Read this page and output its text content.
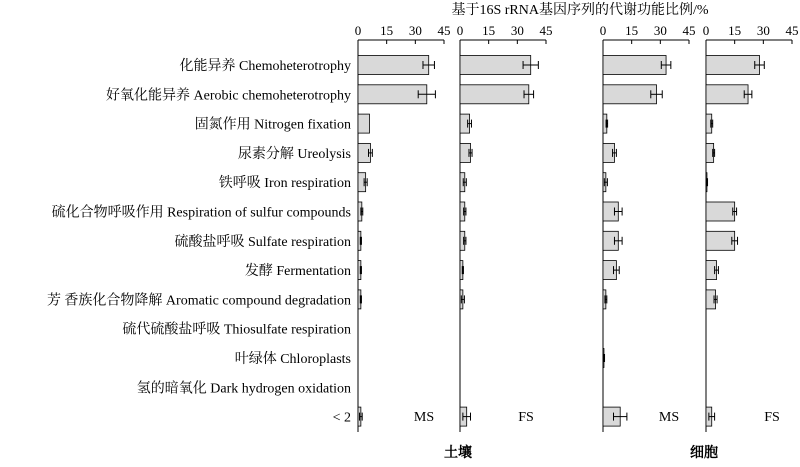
基于16S rRNA基因序列的代谢功能比例/%
化能异养 Chemoheterotrophy
好氧化能异养 Aerobic chemoheterotrophy
固氮作用 Nitrogen fixation
尿素分解 Ureolysis
铁呼吸 Iron respiration
硫化合物呼吸作用 Respiration of sulfur compounds
硫酸盐呼吸 Sulfate respiration
发酵 Fermentation
芳 香族化合物降解 Aromatic compound degradation
硫代硫酸盐呼吸 Thiosulfate respiration
叶绿体 Chloroplasts
氢的暗氧化 Dark hydrogen oxidation
< 2
0 15 30 45
MS
0 15 30 45
FS
0 15 30 45
MS
0 15 30 45
FS
土壤	细胞
